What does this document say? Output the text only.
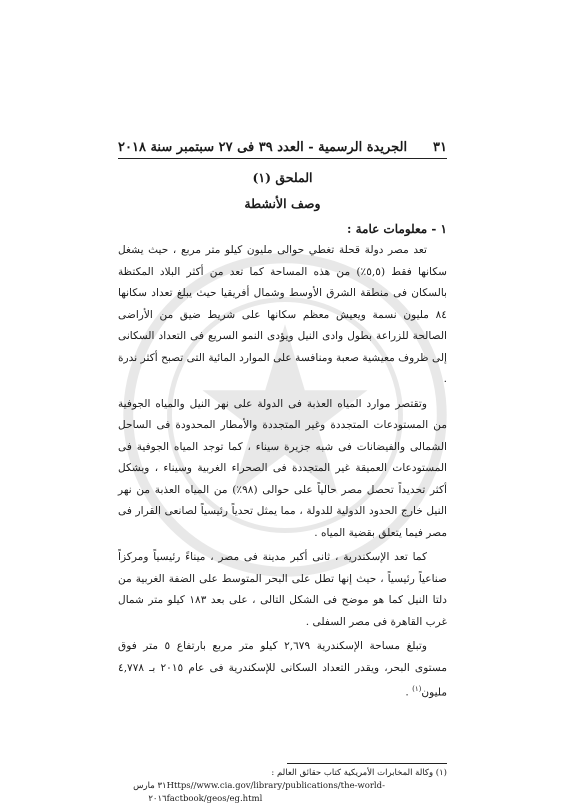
٣١
الجريدة الرسمية - العدد ٣٩ فى ٢٧ سبتمبر سنة ٢٠١٨
الملحق (١)
وصف الأنشطة
١ - معلومات عامة :

تعد مصر دولة قحلة تغطي حوالى مليون كيلو متر مربع ، حيث يشغل سكانها فقط (٥,٥٪) من هذه المساحة كما تعد من أكثر البلاد المكتظة بالسكان فى منطقة الشرق الأوسط وشمال أفريقيا حيث يبلغ تعداد سكانها ٨٤ مليون نسمة ويعيش معظم سكانها على شريط ضيق من الأراضى الصالحة للزراعة بطول وادى النيل ويؤدى النمو السريع فى التعداد السكانى إلى ظروف معيشية صعبة ومنافسة على الموارد المائية التى تصبح أكثر ندرة .

وتقتصر موارد المياه العذبة فى الدولة على نهر النيل والمياه الجوفية من المستودعات المتجددة وغير المتجددة والأمطار المحدودة فى الساحل الشمالى والفيضانات فى شبه جزيرة سيناء ، كما توجد المياه الجوفية فى المستودعات العميقة غير المتجددة فى الصحراء الغربية وسيناء ، وبشكل أكثر تحديداً تحصل مصر حالياً على حوالى (٩٨٪) من المياه العذبة من نهر النيل خارج الحدود الدولية للدولة ، مما يمثل تحدياً رئيسياً لصانعى القرار فى مصر فيما يتعلق بقضية المياه .

كما تعد الإسكندرية ، ثانى أكبر مدينة فى مصر ، ميناءً رئيسياً ومركزاً صناعياً رئيسياً ، حيث إنها تطل على البحر المتوسط على الضفة الغربية من دلتا النيل كما هو موضح فى الشكل التالى ، على بعد ١٨٣ كيلو متر شمال غرب القاهرة فى مصر السفلى .

وتبلغ مساحة الإسكندرية ٢,٦٧٩ كيلو متر مربع بارتفاع ٥ متر فوق مستوى البحر، ويقدر التعداد السكانى للإسكندرية فى عام ٢٠١٥ بـ ٤,٧٧٨ مليون$^{(١)}$ .

(١) وكالة المخابرات الأمريكية كتاب حقائق العالم :
Https//www.cia.gov/library/publications/the-world-factbook/geos/eg.html
٣١ مارس ٢٠١٦
